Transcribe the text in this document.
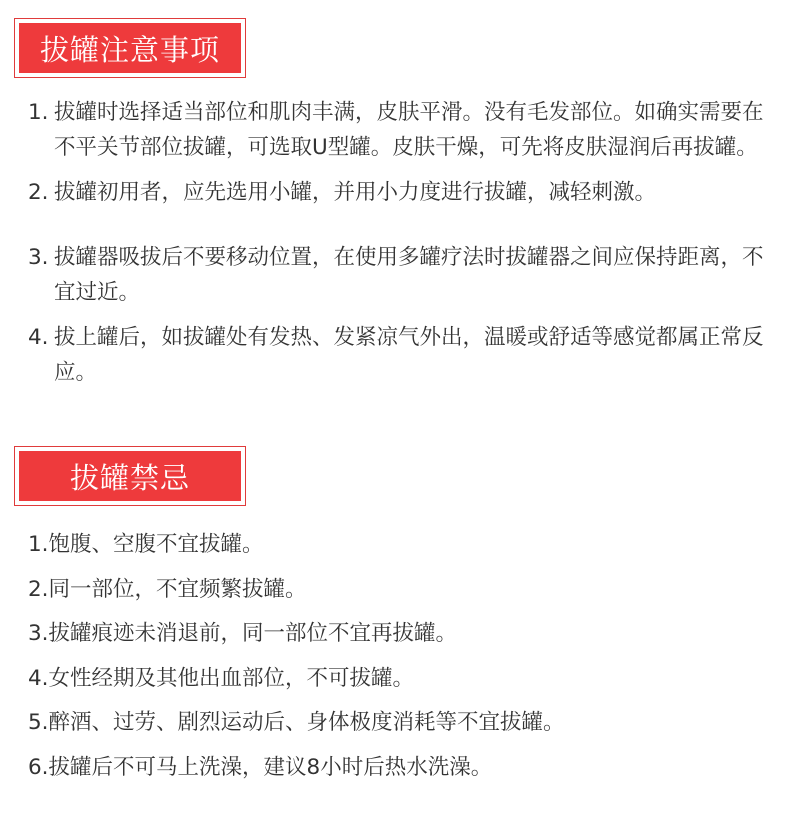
拔罐注意事项
1. 拔罐时选择适当部位和肌肉丰满，皮肤平滑。没有毛发部位。如确实需要在不平关节部位拔罐，可选取U型罐。皮肤干燥，可先将皮肤湿润后再拔罐。
2. 拔罐初用者，应先选用小罐，并用小力度进行拔罐，减轻刺激。
3. 拔罐器吸拔后不要移动位置，在使用多罐疗法时拔罐器之间应保持距离，不宜过近。
4. 拔上罐后，如拔罐处有发热、发紧凉气外出，温暖或舒适等感觉都属正常反应。
拔罐禁忌
1.饱腹、空腹不宜拔罐。
2.同一部位，不宜频繁拔罐。
3.拔罐痕迹未消退前，同一部位不宜再拔罐。
4.女性经期及其他出血部位，不可拔罐。
5.醉酒、过劳、剧烈运动后、身体极度消耗等不宜拔罐。
6.拔罐后不可马上洗澡，建议8小时后热水洗澡。
